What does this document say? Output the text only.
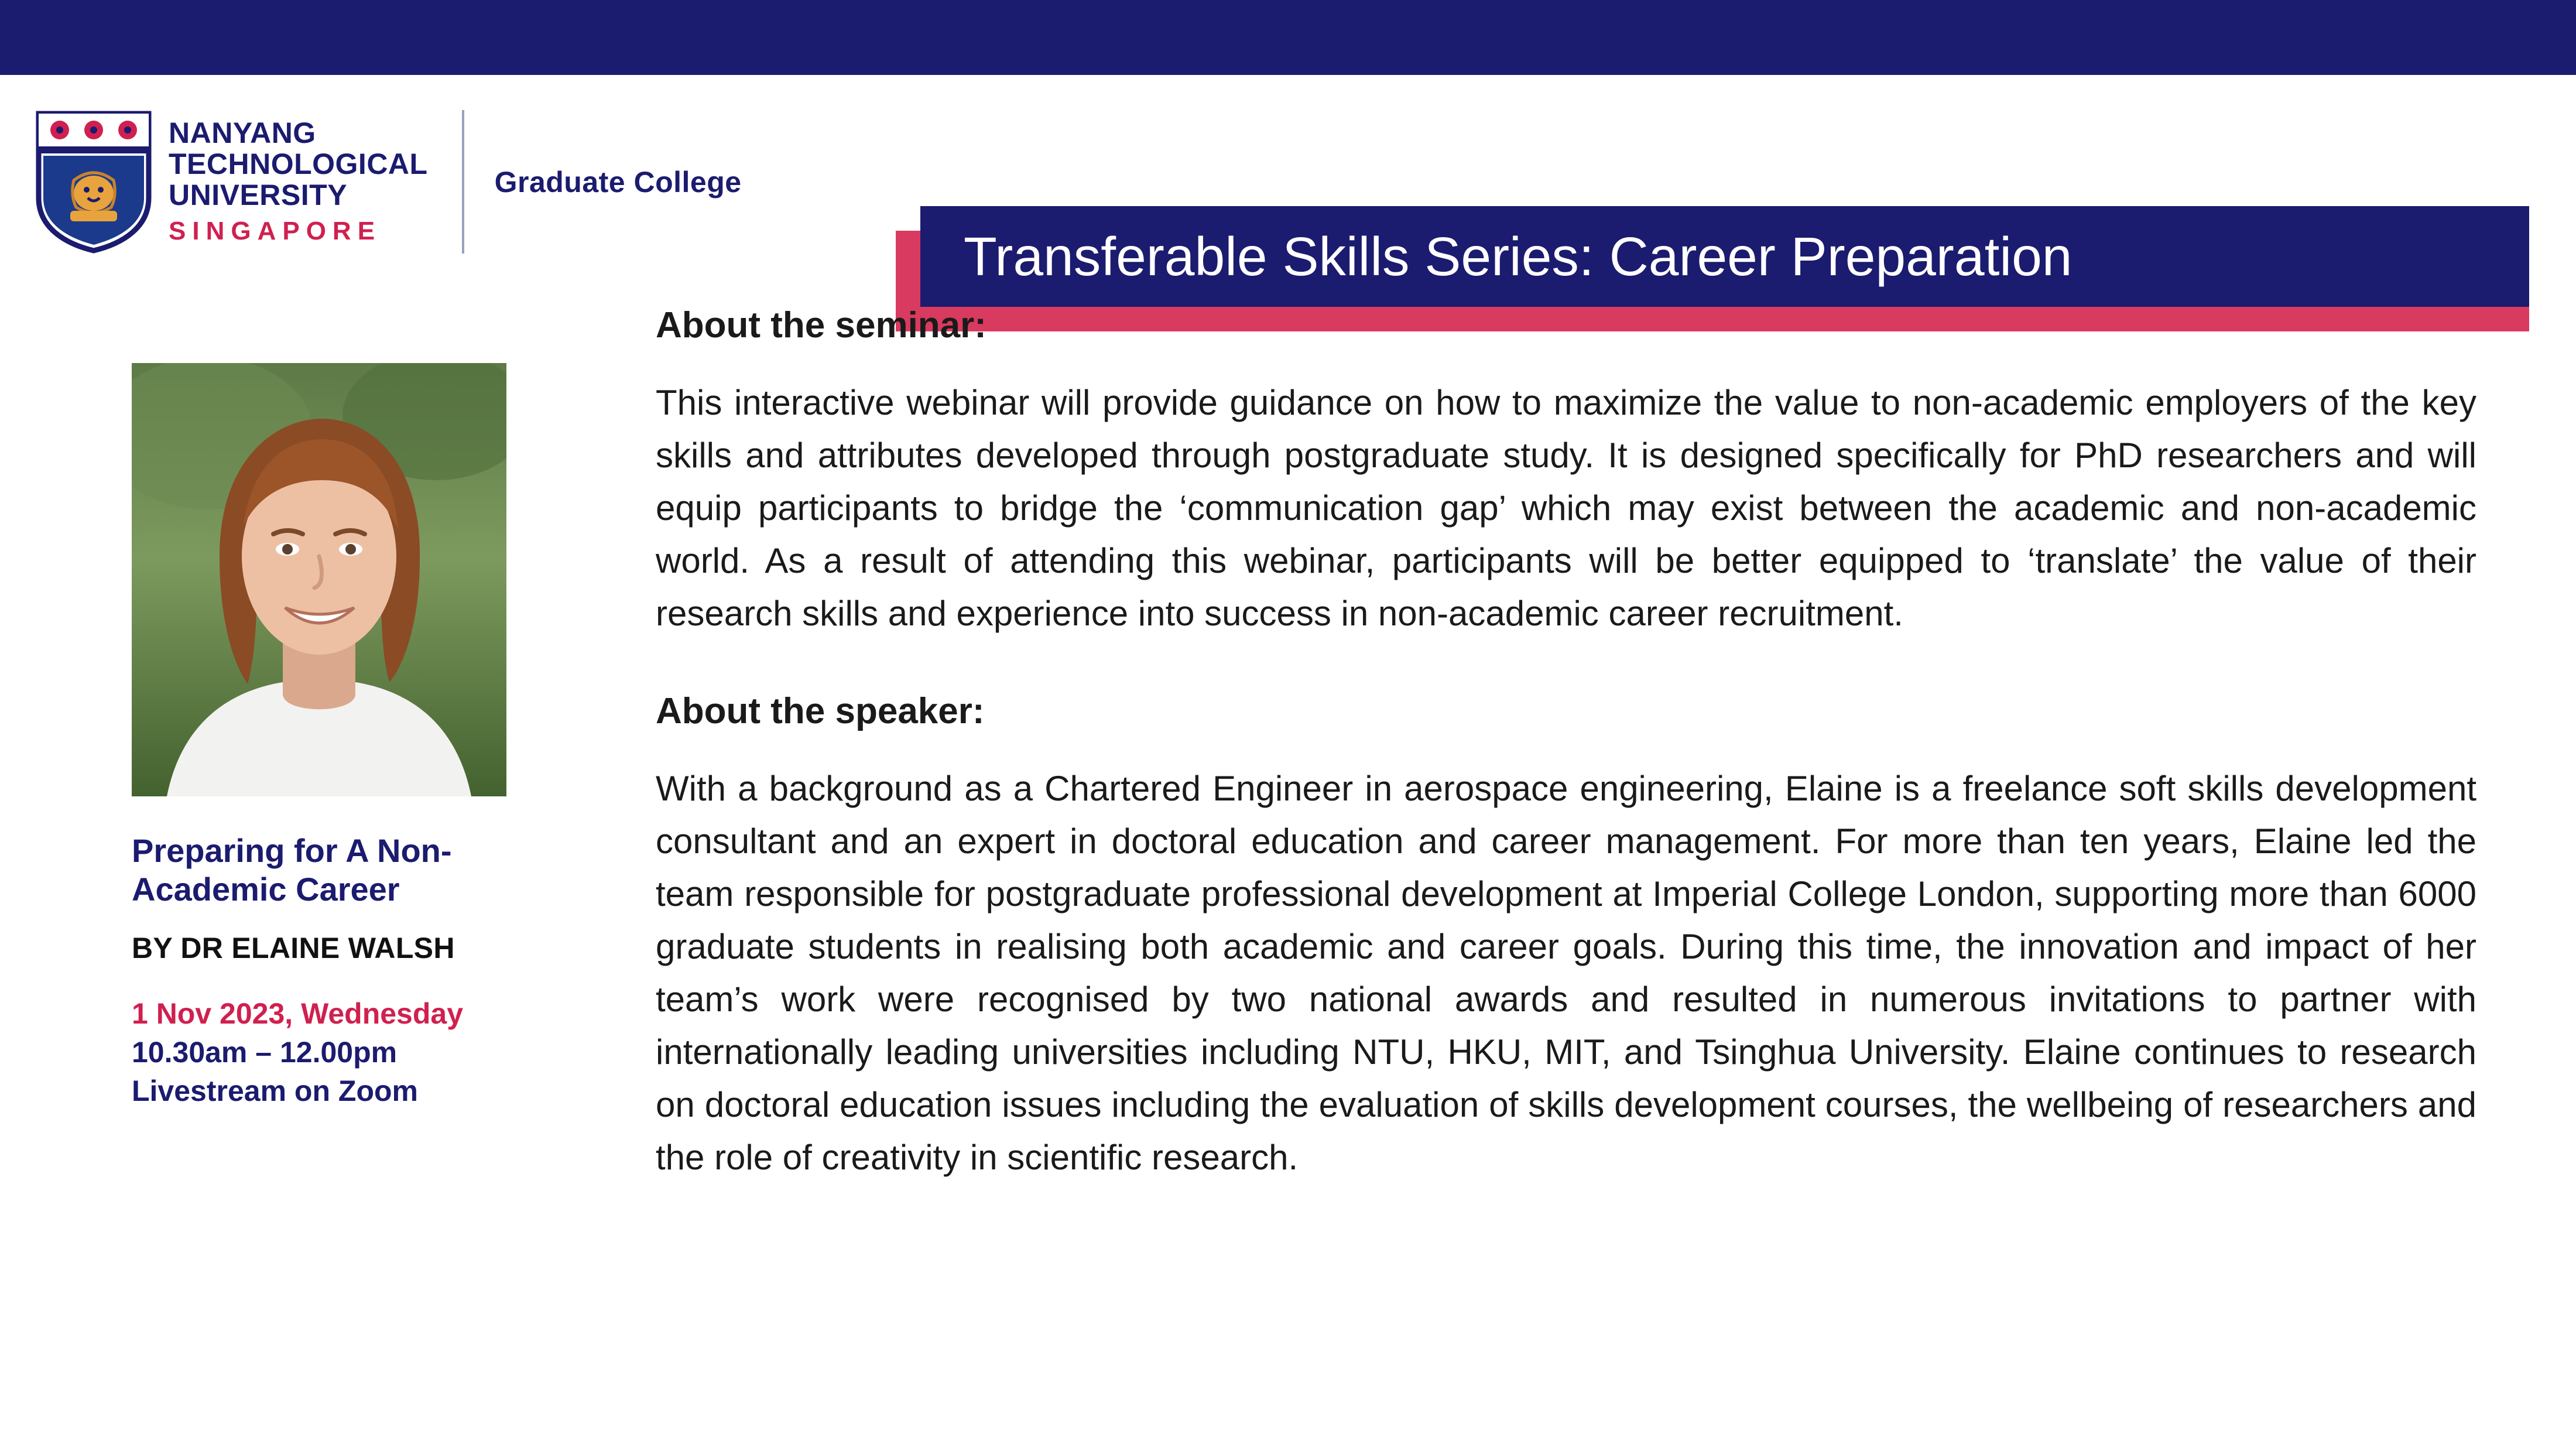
NANYANG
TECHNOLOGICAL
UNIVERSITY
SINGAPORE
Graduate College
Transferable Skills Series: Career Preparation
Preparing for A Non-Academic Career
BY DR ELAINE WALSH
1 Nov 2023, Wednesday
10.30am – 12.00pm
Livestream on Zoom
About the seminar:
This interactive webinar will provide guidance on how to maximize the value to non-academic employers of the key skills and attributes developed through postgraduate study. It is designed specifically for PhD researchers and will equip participants to bridge the ‘communication gap’ which may exist between the academic and non-academic world. As a result of attending this webinar, participants will be better equipped to ‘translate’ the value of their research skills and experience into success in non-academic career recruitment.
About the speaker:
With a background as a Chartered Engineer in aerospace engineering, Elaine is a freelance soft skills development consultant and an expert in doctoral education and career management. For more than ten years, Elaine led the team responsible for postgraduate professional development at Imperial College London, supporting more than 6000 graduate students in realising both academic and career goals. During this time, the innovation and impact of her team’s work were recognised by two national awards and resulted in numerous invitations to partner with internationally leading universities including NTU, HKU, MIT, and Tsinghua University. Elaine continues to research on doctoral education issues including the evaluation of skills development courses, the wellbeing of researchers and the role of creativity in scientific research.
